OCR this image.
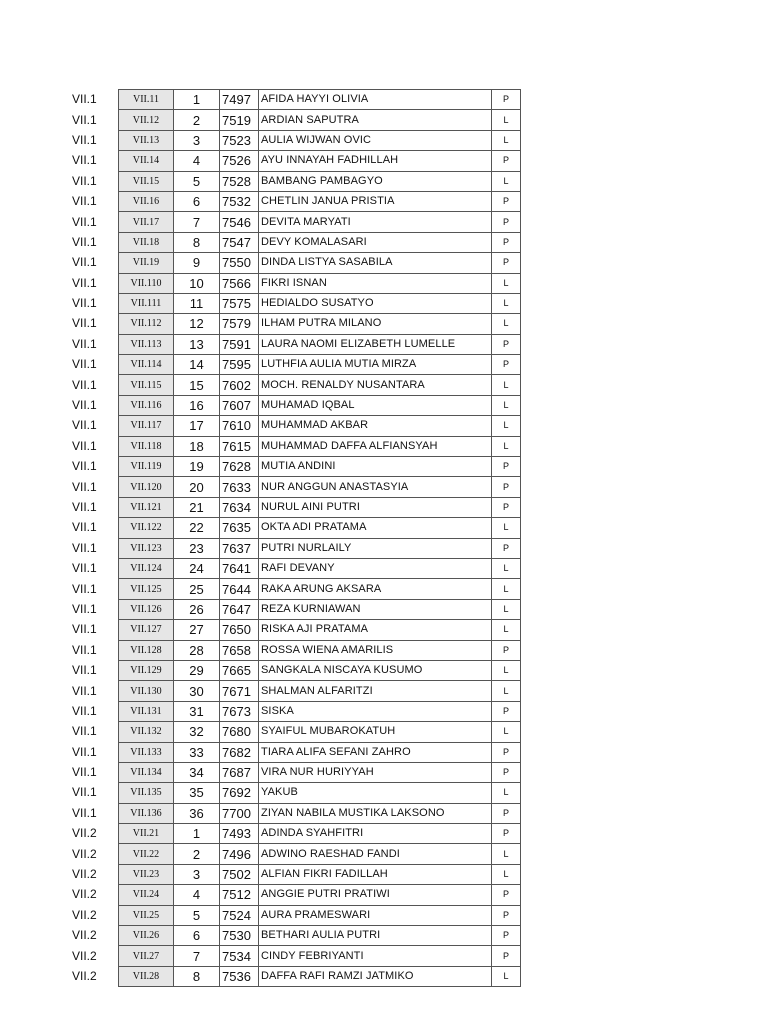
VII.1	VII.11	1	7497	AFIDA HAYYI OLIVIA	P
VII.1	VII.12	2	7519	ARDIAN SAPUTRA	L
VII.1	VII.13	3	7523	AULIA WIJWAN OVIC	L
VII.1	VII.14	4	7526	AYU INNAYAH FADHILLAH	P
VII.1	VII.15	5	7528	BAMBANG PAMBAGYO	L
VII.1	VII.16	6	7532	CHETLIN JANUA PRISTIA	P
VII.1	VII.17	7	7546	DEVITA MARYATI	P
VII.1	VII.18	8	7547	DEVY KOMALASARI	P
VII.1	VII.19	9	7550	DINDA LISTYA SASABILA	P
VII.1	VII.110	10	7566	FIKRI ISNAN	L
VII.1	VII.111	11	7575	HEDIALDO SUSATYO	L
VII.1	VII.112	12	7579	ILHAM PUTRA MILANO	L
VII.1	VII.113	13	7591	LAURA NAOMI ELIZABETH LUMELLE	P
VII.1	VII.114	14	7595	LUTHFIA AULIA MUTIA MIRZA	P
VII.1	VII.115	15	7602	MOCH. RENALDY NUSANTARA	L
VII.1	VII.116	16	7607	MUHAMAD IQBAL	L
VII.1	VII.117	17	7610	MUHAMMAD AKBAR	L
VII.1	VII.118	18	7615	MUHAMMAD DAFFA ALFIANSYAH	L
VII.1	VII.119	19	7628	MUTIA ANDINI	P
VII.1	VII.120	20	7633	NUR ANGGUN ANASTASYIA	P
VII.1	VII.121	21	7634	NURUL AINI PUTRI	P
VII.1	VII.122	22	7635	OKTA ADI PRATAMA	L
VII.1	VII.123	23	7637	PUTRI NURLAILY	P
VII.1	VII.124	24	7641	RAFI DEVANY	L
VII.1	VII.125	25	7644	RAKA ARUNG AKSARA	L
VII.1	VII.126	26	7647	REZA KURNIAWAN	L
VII.1	VII.127	27	7650	RISKA AJI PRATAMA	L
VII.1	VII.128	28	7658	ROSSA WIENA AMARILIS	P
VII.1	VII.129	29	7665	SANGKALA NISCAYA KUSUMO	L
VII.1	VII.130	30	7671	SHALMAN ALFARITZI	L
VII.1	VII.131	31	7673	SISKA	P
VII.1	VII.132	32	7680	SYAIFUL MUBAROKATUH	L
VII.1	VII.133	33	7682	TIARA ALIFA SEFANI ZAHRO	P
VII.1	VII.134	34	7687	VIRA NUR HURIYYAH	P
VII.1	VII.135	35	7692	YAKUB	L
VII.1	VII.136	36	7700	ZIYAN NABILA MUSTIKA LAKSONO	P
VII.2	VII.21	1	7493	ADINDA SYAHFITRI	P
VII.2	VII.22	2	7496	ADWINO RAESHAD FANDI	L
VII.2	VII.23	3	7502	ALFIAN FIKRI FADILLAH	L
VII.2	VII.24	4	7512	ANGGIE PUTRI PRATIWI	P
VII.2	VII.25	5	7524	AURA PRAMESWARI	P
VII.2	VII.26	6	7530	BETHARI AULIA PUTRI	P
VII.2	VII.27	7	7534	CINDY FEBRIYANTI	P
VII.2	VII.28	8	7536	DAFFA RAFI RAMZI JATMIKO	L
